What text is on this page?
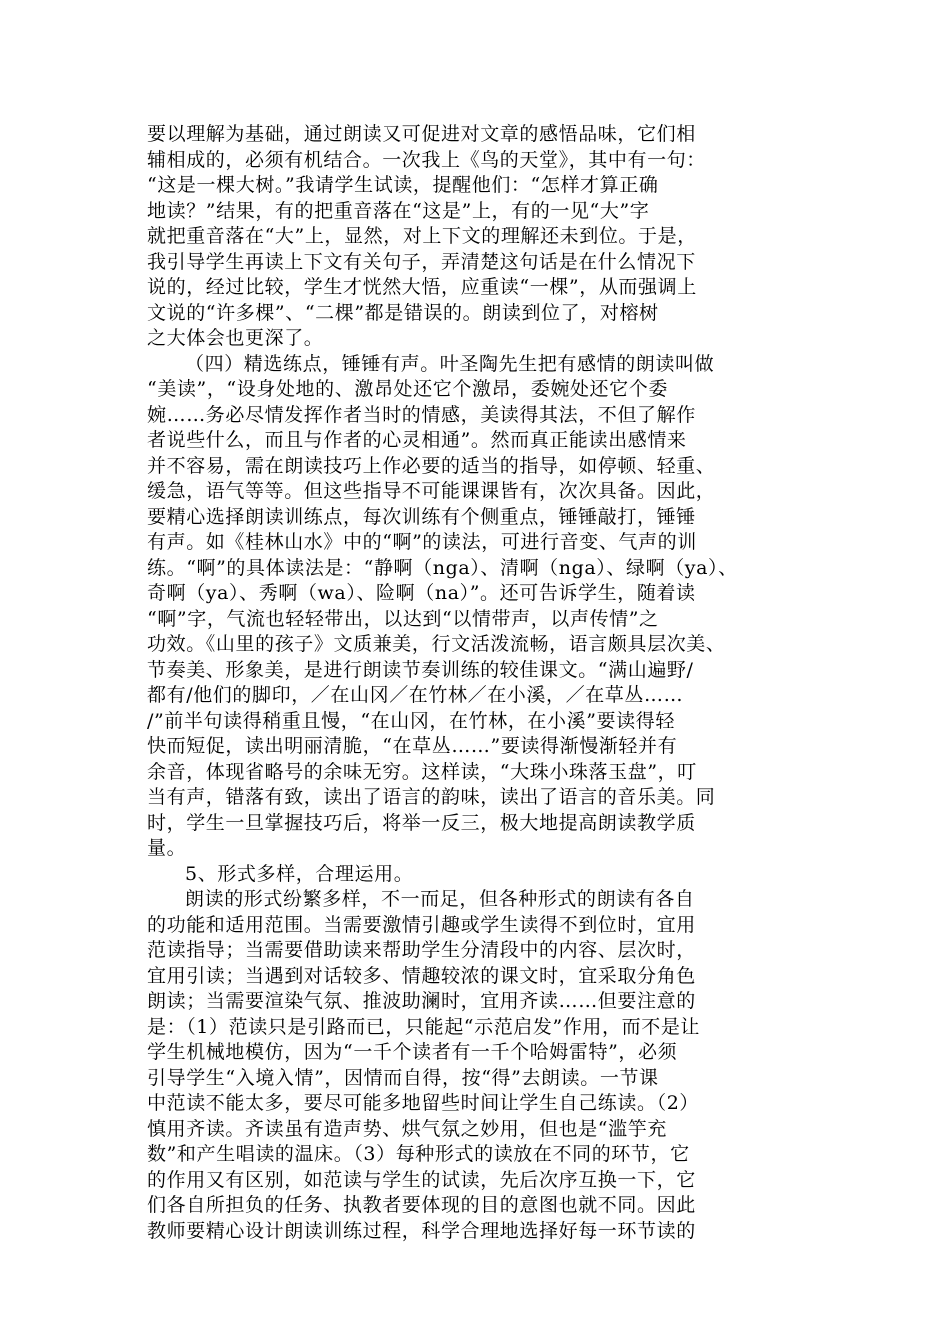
要以理解为基础，通过朗读又可促进对文章的感悟品味，它们相
辅相成的，必须有机结合。一次我上《鸟的天堂》，其中有一句：
“这是一棵大树。”我请学生试读，提醒他们：“怎样才算正确
地读？”结果，有的把重音落在“这是”上，有的一见“大”字
就把重音落在“大”上，显然，对上下文的理解还未到位。于是，
我引导学生再读上下文有关句子，弄清楚这句话是在什么情况下
说的，经过比较，学生才恍然大悟，应重读“一棵”，从而强调上
文说的“许多棵”、“二棵”都是错误的。朗读到位了，对榕树
之大体会也更深了。
（四）精选练点，锤锤有声。叶圣陶先生把有感情的朗读叫做
“美读”，“设身处地的、激昂处还它个激昂，委婉处还它个委
婉……务必尽情发挥作者当时的情感，美读得其法，不但了解作
者说些什么，而且与作者的心灵相通”。然而真正能读出感情来
并不容易，需在朗读技巧上作必要的适当的指导，如停顿、轻重、
缓急，语气等等。但这些指导不可能课课皆有，次次具备。因此，
要精心选择朗读训练点，每次训练有个侧重点，锤锤敲打，锤锤
有声。如《桂林山水》中的“啊”的读法，可进行音变、气声的训
练。“啊”的具体读法是：“静啊（nga）、清啊（nga）、绿啊（ya）、
奇啊（ya）、秀啊（wa）、险啊（na）”。还可告诉学生，随着读
“啊”字，气流也轻轻带出，以达到“以情带声，以声传情”之
功效。《山里的孩子》文质兼美，行文活泼流畅，语言颇具层次美、
节奏美、形象美，是进行朗读节奏训练的较佳课文。“满山遍野/
都有/他们的脚印，／在山冈／在竹林／在小溪，／在草丛……
/”前半句读得稍重且慢，“在山冈，在竹林，在小溪”要读得轻
快而短促，读出明丽清脆，“在草丛……”要读得渐慢渐轻并有
余音，体现省略号的余味无穷。这样读，“大珠小珠落玉盘”，叮
当有声，错落有致，读出了语言的韵味，读出了语言的音乐美。同
时，学生一旦掌握技巧后，将举一反三，极大地提高朗读教学质
量。
5、形式多样，合理运用。
朗读的形式纷繁多样，不一而足，但各种形式的朗读有各自
的功能和适用范围。当需要激情引趣或学生读得不到位时，宜用
范读指导；当需要借助读来帮助学生分清段中的内容、层次时，
宜用引读；当遇到对话较多、情趣较浓的课文时，宜采取分角色
朗读；当需要渲染气氛、推波助澜时，宜用齐读……但要注意的
是：（1）范读只是引路而已，只能起“示范启发”作用，而不是让
学生机械地模仿，因为“一千个读者有一千个哈姆雷特”，必须
引导学生“入境入情”，因情而自得，按“得”去朗读。一节课
中范读不能太多，要尽可能多地留些时间让学生自己练读。（2）
慎用齐读。齐读虽有造声势、烘气氛之妙用，但也是“滥竽充
数”和产生唱读的温床。（3）每种形式的读放在不同的环节，它
的作用又有区别，如范读与学生的试读，先后次序互换一下，它
们各自所担负的任务、执教者要体现的目的意图也就不同。因此
教师要精心设计朗读训练过程，科学合理地选择好每一环节读的
